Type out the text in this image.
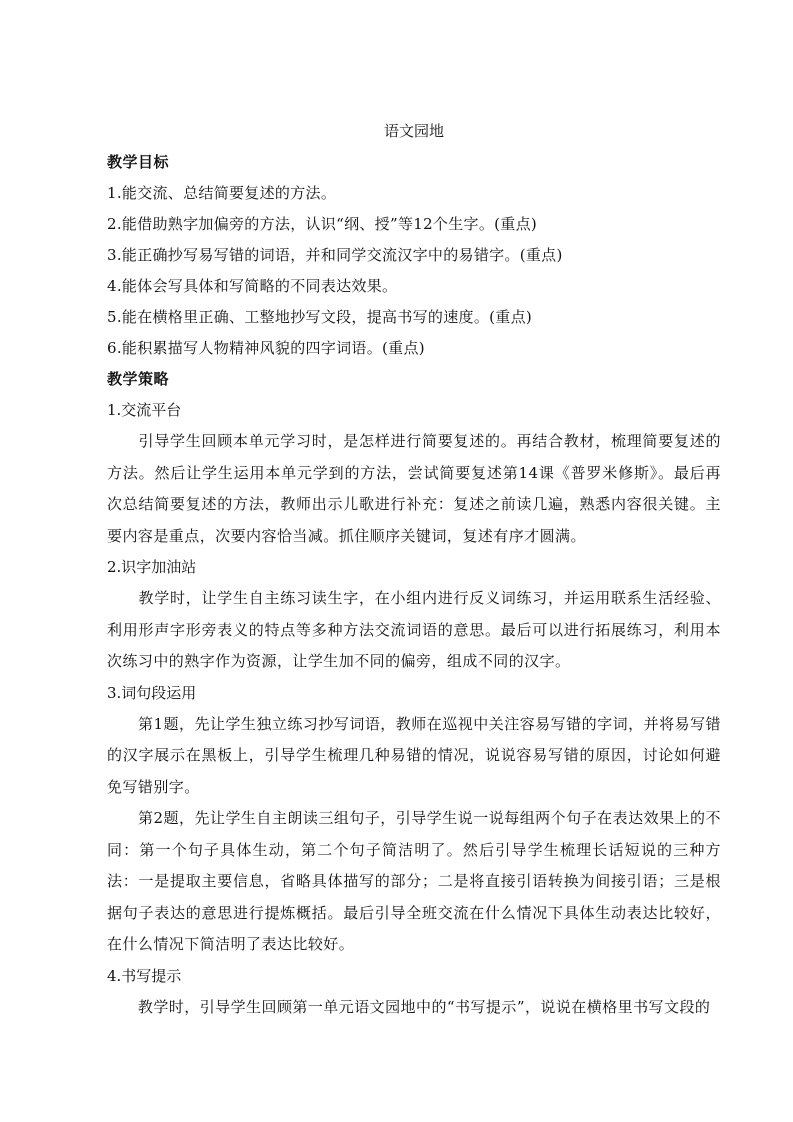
语文园地
教学目标
1.能交流、总结简要复述的方法。
2.能借助熟字加偏旁的方法，认识“纲、授”等12个生字。(重点)
3.能正确抄写易写错的词语，并和同学交流汉字中的易错字。(重点)
4.能体会写具体和写简略的不同表达效果。
5.能在横格里正确、工整地抄写文段，提高书写的速度。(重点)
6.能积累描写人物精神风貌的四字词语。(重点)
教学策略
1.交流平台

　　引导学生回顾本单元学习时，是怎样进行简要复述的。再结合教材，梳理简要复述的方法。然后让学生运用本单元学到的方法，尝试简要复述第14课《普罗米修斯》。最后再次总结简要复述的方法，教师出示儿歌进行补充：复述之前读几遍，熟悉内容很关键。主要内容是重点，次要内容恰当减。抓住顺序关键词，复述有序才圆满。

2.识字加油站

　　教学时，让学生自主练习读生字，在小组内进行反义词练习，并运用联系生活经验、利用形声字形旁表义的特点等多种方法交流词语的意思。最后可以进行拓展练习，利用本次练习中的熟字作为资源，让学生加不同的偏旁，组成不同的汉字。

3.词句段运用

　　第1题，先让学生独立练习抄写词语，教师在巡视中关注容易写错的字词，并将易写错的汉字展示在黑板上，引导学生梳理几种易错的情况，说说容易写错的原因，讨论如何避免写错别字。

　　第2题，先让学生自主朗读三组句子，引导学生说一说每组两个句子在表达效果上的不同：第一个句子具体生动，第二个句子简洁明了。然后引导学生梳理长话短说的三种方法：一是提取主要信息，省略具体描写的部分；二是将直接引语转换为间接引语；三是根据句子表达的意思进行提炼概括。最后引导全班交流在什么情况下具体生动表达比较好，在什么情况下简洁明了表达比较好。

4.书写提示

　　教学时，引导学生回顾第一单元语文园地中的“书写提示”，说说在横格里书写文段的
